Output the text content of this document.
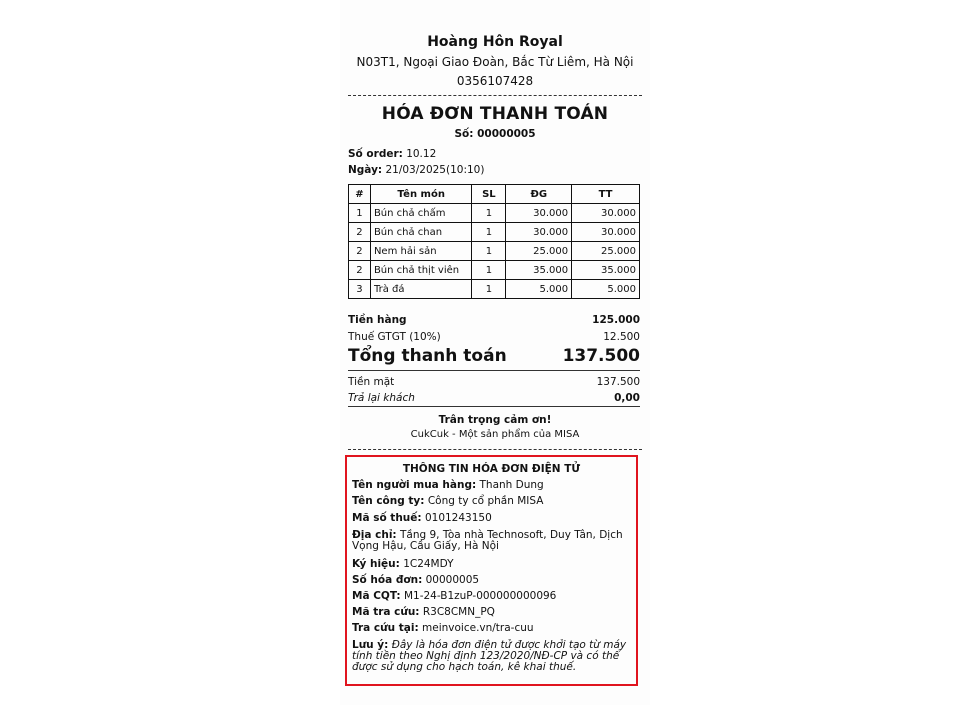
Hoàng Hôn Royal
N03T1, Ngoại Giao Đoàn, Bắc Từ Liêm, Hà Nội
0356107428
HÓA ĐƠN THANH TOÁN
Số: 00000005
Số order: 10.12
Ngày: 21/03/2025(10:10)
#	Tên món	SL	ĐG	TT
1	Bún chả chấm	1	30.000	30.000
2	Bún chả chan	1	30.000	30.000
2	Nem hải sản	1	25.000	25.000
2	Bún chả thịt viên	1	35.000	35.000
3	Trà đá	1	5.000	5.000
Tiền hàng	125.000
Thuế GTGT (10%)	12.500
Tổng thanh toán	137.500
Tiền mặt	137.500
Trả lại khách	0,00
Trân trọng cảm ơn!
CukCuk - Một sản phẩm của MISA
THÔNG TIN HÓA ĐƠN ĐIỆN TỬ
Tên người mua hàng: Thanh Dung
Tên công ty: Công ty cổ phần MISA
Mã số thuế: 0101243150
Địa chỉ: Tầng 9, Tòa nhà Technosoft, Duy Tân, Dịch Vọng Hậu, Cầu Giấy, Hà Nội
Ký hiệu: 1C24MDY
Số hóa đơn: 00000005
Mã CQT: M1-24-B1zuP-000000000096
Mã tra cứu: R3C8CMN_PQ
Tra cứu tại: meinvoice.vn/tra-cuu
Lưu ý: Đây là hóa đơn điện tử được khởi tạo từ máy tính tiền theo Nghị định 123/2020/NĐ-CP và có thể được sử dụng cho hạch toán, kê khai thuế.
